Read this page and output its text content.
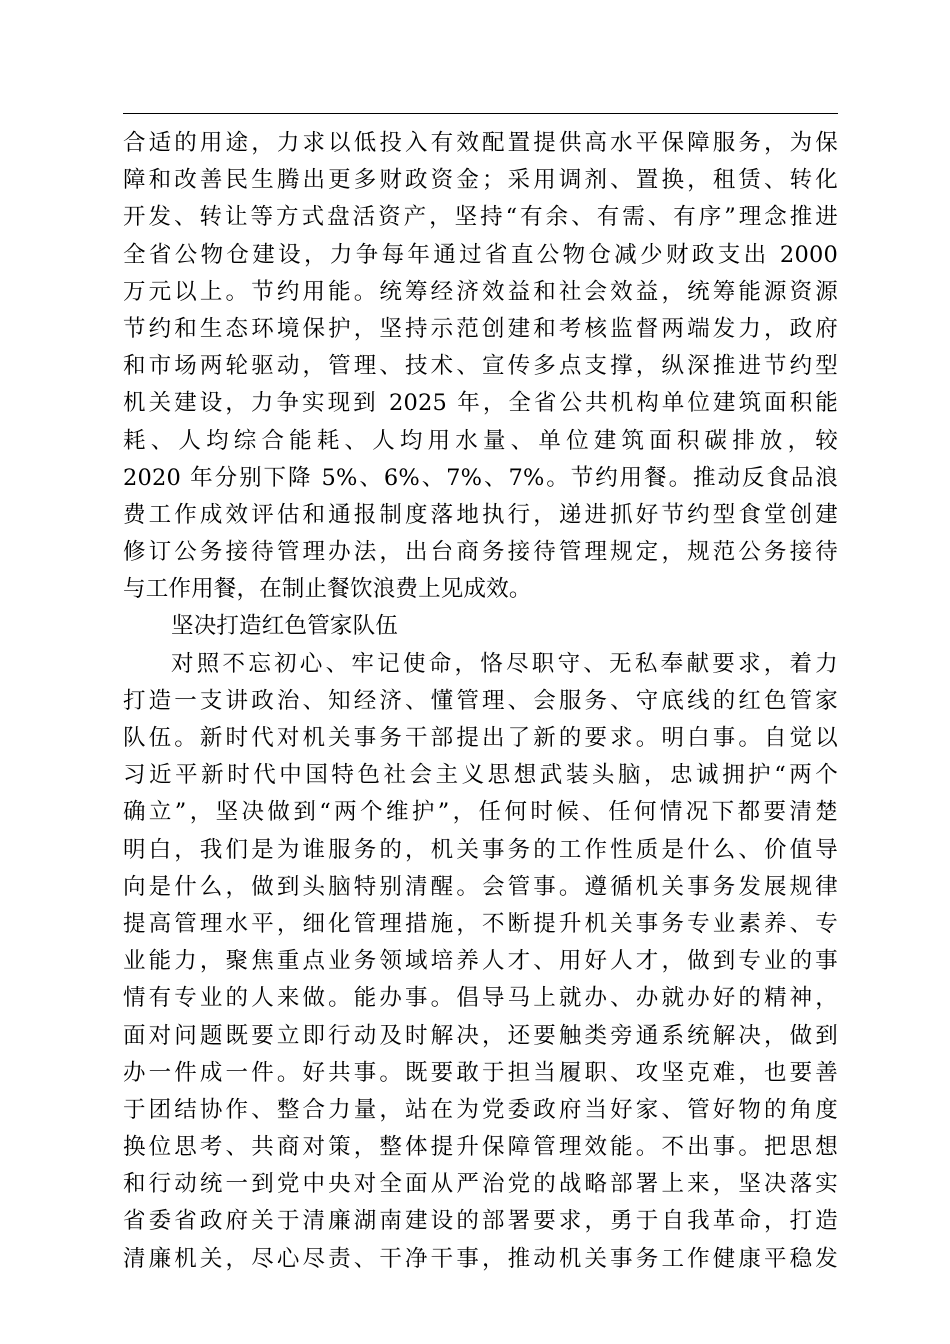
合适的用途，力求以低投入有效配置提供高水平保障服务，为保
障和改善民生腾出更多财政资金；采用调剂、置换，租赁、转化
开发、转让等方式盘活资产，坚持“有余、有需、有序”理念推进
全省公物仓建设，力争每年通过省直公物仓减少财政支出 2000
万元以上。节约用能。统筹经济效益和社会效益，统筹能源资源
节约和生态环境保护，坚持示范创建和考核监督两端发力，政府
和市场两轮驱动，管理、技术、宣传多点支撑，纵深推进节约型
机关建设，力争实现到 2025 年，全省公共机构单位建筑面积能
耗、人均综合能耗、人均用水量、单位建筑面积碳排放，较
2020 年分别下降 5%、6%、7%、7%。节约用餐。推动反食品浪
费工作成效评估和通报制度落地执行，递进抓好节约型食堂创建
修订公务接待管理办法，出台商务接待管理规定，规范公务接待
与工作用餐，在制止餐饮浪费上见成效。
坚决打造红色管家队伍
对照不忘初心、牢记使命，恪尽职守、无私奉献要求，着力
打造一支讲政治、知经济、懂管理、会服务、守底线的红色管家
队伍。新时代对机关事务干部提出了新的要求。明白事。自觉以
习近平新时代中国特色社会主义思想武装头脑，忠诚拥护“两个
确立”，坚决做到“两个维护”，任何时候、任何情况下都要清楚
明白，我们是为谁服务的，机关事务的工作性质是什么、价值导
向是什么，做到头脑特别清醒。会管事。遵循机关事务发展规律
提高管理水平，细化管理措施，不断提升机关事务专业素养、专
业能力，聚焦重点业务领域培养人才、用好人才，做到专业的事
情有专业的人来做。能办事。倡导马上就办、办就办好的精神，
面对问题既要立即行动及时解决，还要触类旁通系统解决，做到
办一件成一件。好共事。既要敢于担当履职、攻坚克难，也要善
于团结协作、整合力量，站在为党委政府当好家、管好物的角度
换位思考、共商对策，整体提升保障管理效能。不出事。把思想
和行动统一到党中央对全面从严治党的战略部署上来，坚决落实
省委省政府关于清廉湖南建设的部署要求，勇于自我革命，打造
清廉机关，尽心尽责、干净干事，推动机关事务工作健康平稳发
